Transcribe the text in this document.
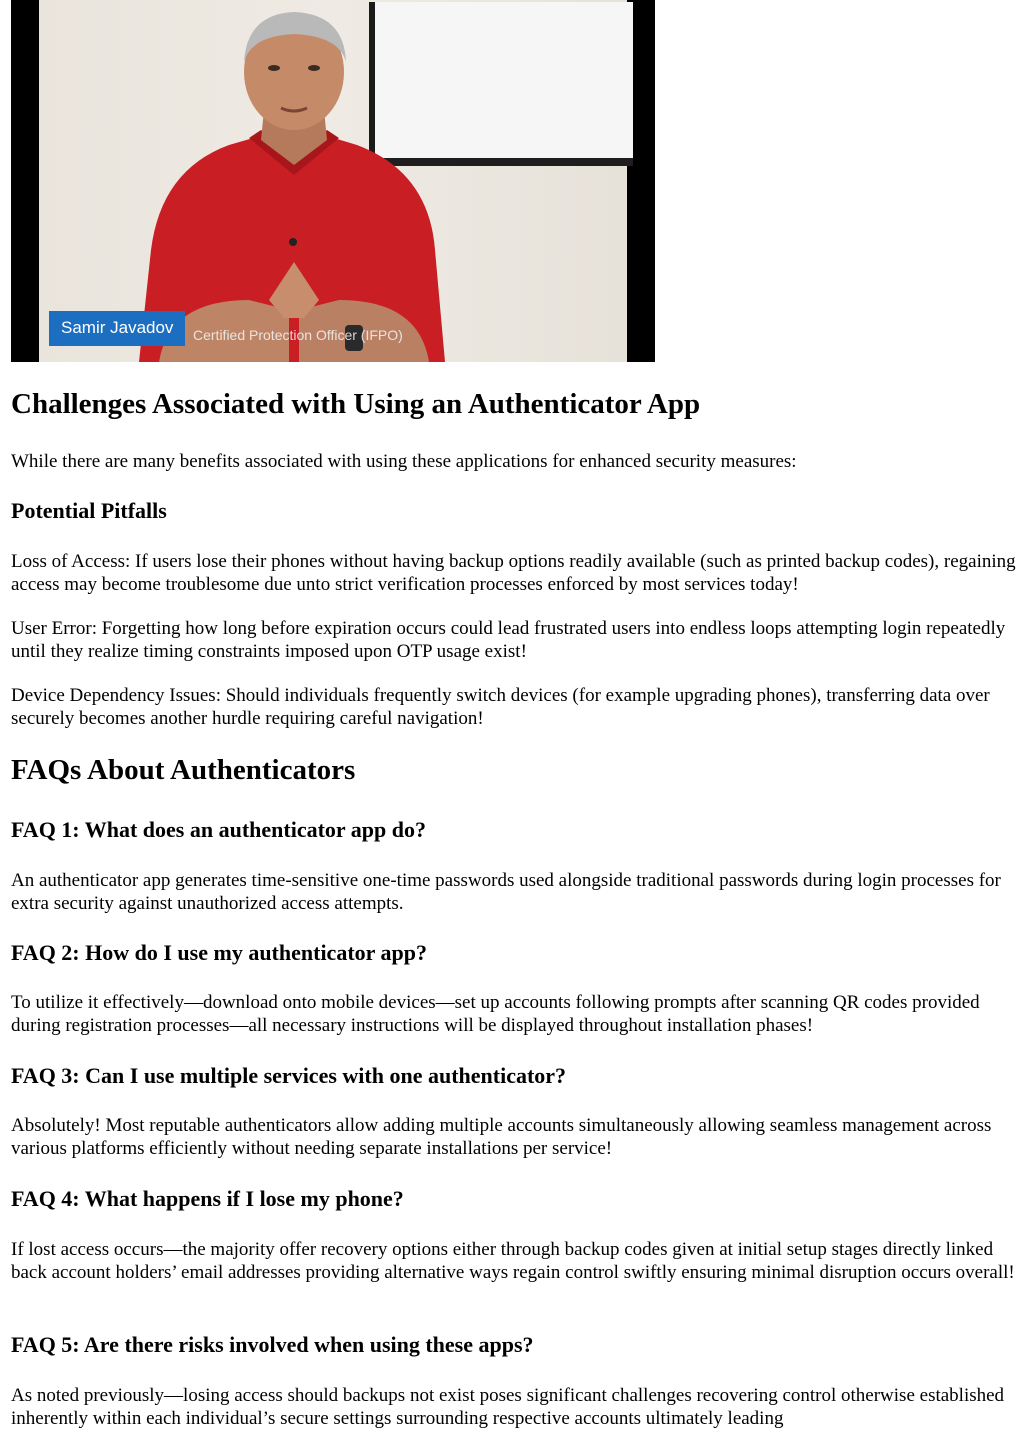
Samir Javadov	Certified Protection Officer (IFPO)
Challenges Associated with Using an Authenticator App

While there are many benefits associated with using these applications for enhanced security measures:

Potential Pitfalls

Loss of Access: If users lose their phones without having backup options readily available (such as printed backup codes), regaining access may become troublesome due unto strict verification processes enforced by most services today!

User Error: Forgetting how long before expiration occurs could lead frustrated users into endless loops attempting login repeatedly until they realize timing constraints imposed upon OTP usage exist!

Device Dependency Issues: Should individuals frequently switch devices (for example upgrading phones), transferring data over securely becomes another hurdle requiring careful navigation!

FAQs About Authenticators
FAQ 1: What does an authenticator app do?

An authenticator app generates time-sensitive one-time passwords used alongside traditional passwords during login processes for extra security against unauthorized access attempts.

FAQ 2: How do I use my authenticator app?

To utilize it effectively—download onto mobile devices—set up accounts following prompts after scanning QR codes provided during registration processes—all necessary instructions will be displayed throughout installation phases!

FAQ 3: Can I use multiple services with one authenticator?

Absolutely! Most reputable authenticators allow adding multiple accounts simultaneously allowing seamless management across various platforms efficiently without needing separate installations per service!

FAQ 4: What happens if I lose my phone?

If lost access occurs—the majority offer recovery options either through backup codes given at initial setup stages directly linked back account holders’ email addresses providing alternative ways regain control swiftly ensuring minimal disruption occurs overall!

FAQ 5: Are there risks involved when using these apps?

As noted previously—losing access should backups not exist poses significant challenges recovering control otherwise established inherently within each individual’s secure settings surrounding respective accounts ultimately leading
